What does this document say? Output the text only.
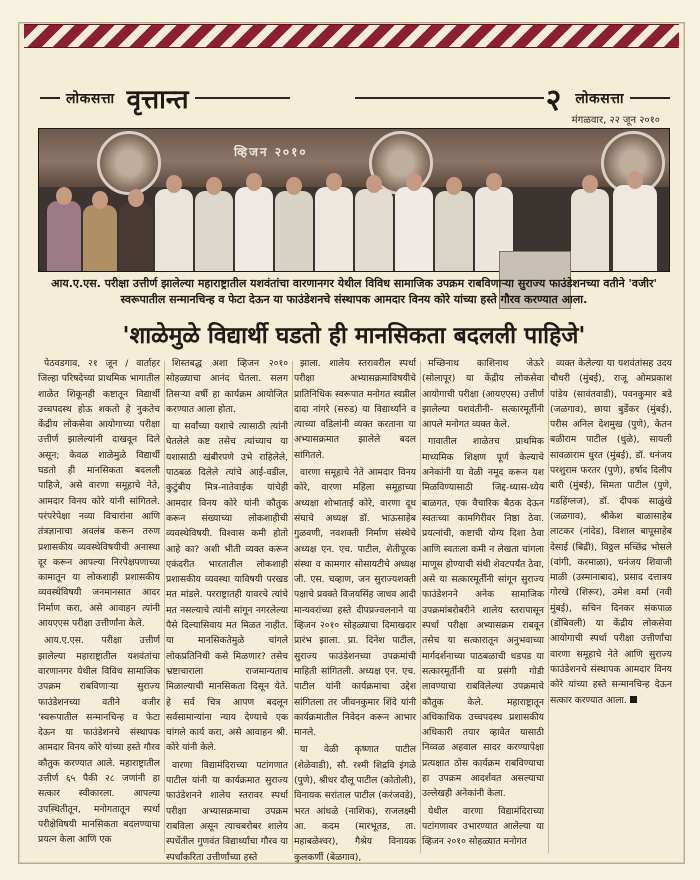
लोकसत्ता वृत्तान्त	२	लोकसत्ता
मंगळवार, २२ जून २०१०
व्हिजन २०१०
आय.ए.एस. परीक्षा उत्तीर्ण झालेल्या महाराष्ट्रातील यशवंतांचा वारणानगर येथील विविध सामाजिक उपक्रम राबविणाऱ्या सुराज्य फाउंडेशनच्या वतीने 'वजीर' स्वरूपातील सन्मानचिन्ह व फेटा देऊन या फाउंडेशनचे संस्थापक आमदार विनय कोरे यांच्या हस्ते गौरव करण्यात आला.
'शाळेमुळे विद्यार्थी घडतो ही मानसिकता बदलली पाहिजे'

पेठवडगाव, २१ जून / वार्ताहर जिल्हा परिषदेच्या प्राथमिक भागातील शाळेत शिकूनही कष्टातून विद्यार्थी उच्चपदस्थ होऊ शकतो हे नुकतेच केंद्रीय लोकसेवा आयोगाच्या परीक्षा उत्तीर्ण झालेल्यांनी दाखवून दिले असून; केवळ शाळेमुळे विद्यार्थी घडतो ही मानसिकता बदलली पाहिजे, असे वारणा समूहाचे नेते, आमदार विनय कोरे यांनी सांगितले. परंपरेपेक्षा नव्या विचारांना आणि तंत्रज्ञानाचा अवलंब करून तरुण प्रशासकीय व्यवस्थेविषयीची अनास्था दूर करून आपल्या निरपेक्षपणाच्या कामातून या लोकशाही प्रशासकीय व्यवस्थेविषयी जनमानसात आदर निर्माण करा, असे आवाहन त्यांनी आयएएस परीक्षा उत्तीर्णांना केले.

आय.ए.एस. परीक्षा उत्तीर्ण झालेल्या महाराष्ट्रातील यशवंतांचा वारणानगर येथील विविध सामाजिक उपक्रम राबविणाऱ्या सुराज्य फाउंडेशनच्या वतीने वजीर 'स्वरूपातील सन्मानचिन्ह व फेटा देऊन या फाउंडेशनचे संस्थापक आमदार विनय कोरे यांच्या हस्ते गौरव कौतुक करण्यात आले. महाराष्ट्रातील उत्तीर्ण ६५ पैकी २८ जणांनी हा सत्कार स्वीकारला. आपल्या उपस्थितीतून, मनोगतातून स्पर्धा परीक्षेविषयी मानसिकता बदलण्याचा प्रयत्न केला आणि एक

शिस्तबद्ध अशा व्हिजन २०१० सोहळ्याचा आनंद घेतला. सलग तिसऱ्या वर्षी हा कार्यक्रम आयोजित करण्यात आला होता.

या सर्वांच्या यशाचे त्यासाठी त्यांनी घेतलेले कष्ट तसेच त्यांच्याच या यशासाठी खंबीरपणे उभे राहिलेले, पाठबळ दिलेले त्यांचे आई-वडील, कुटुंबीय मित्र-नातेवाईक यांचेही आमदार विनय कोरे यांनी कौतुक करून संख्याच्या लोकशाहीची व्यवस्थेविषयी. विश्वास कमी होतो आहे का? अशी भीती व्यक्त करून एकंदरीत भारतातील लोकशाही प्रशासकीय व्यवस्था याविषयी परखड मत मांडले. परराष्ट्रातही यावरचे त्यांचे मत नसल्याचे त्यांनी सांगून नगरलेल्या पैसे दिल्यासिवाय मत मिळत नाहीत. या मानसिकतेमुळे चांगले लोकप्रतिनिधी कसे मिळणार? तसेच भ्रष्टाचाराला राजमान्यताच मिळाल्याची मानसिकता दिसून येते. हे सर्व चित्र आपण बदलून सर्वसामान्यांना न्याय देण्याचे एक चांगले कार्य करा, असे आवाहन श्री. कोरे यांनी केले.

वारणा विद्यामंदिराच्या पटांगणात पाटील यांनी या कार्यक्रमात सुराज्य फाउंडेशनने शालेय स्तरावर स्पर्धा परीक्षा अभ्यासक्रमाचा उपक्रम राबविला असून त्याचबरोबर शालेय स्पर्धेतील गुणवंत विद्यार्थ्यांचा गौरव या स्पर्धांकरिता उत्तीर्णांच्या हस्ते

झाला. शालेय स्तरावरील स्पर्धा परीक्षा अभ्यासक्रमाविषयीचे प्रातिनिधिक स्वरूपात मनोगत स्वप्नील दादा नांगरे (सरुड) या विद्यार्थ्यांने व त्याच्या वडिलांनी व्यक्त करताना या अभ्यासक्रमात झालेले बदल सांगितले.

वारणा समूहाचे नेते आमदार विनय कोरे, वारणा महिला समूहाच्या अध्यक्षा शोभाताई कोरे, वारणा दूध संघाचे अध्यक्ष डॉ. भाऊसाहेब गुळवणी, नवशक्ती निर्माण संस्थेचे अध्यक्ष एन. एच. पाटील, शेतीपूरक संस्था व कामगार सोसायटीचे अध्यक्ष जी. एस. चव्हाण, जन सुराज्यशक्ती पक्षाचे प्रवक्ते विजयसिंह जाधव आदी मान्यवरांच्या हस्ते दीपप्रज्वलनाने या व्हिजन २०१० सोहळ्याचा दिमाखदार प्रारंभ झाला. प्रा. दिनेश पाटील, सुराज्य फाउंडेशनच्या उपक्रमांची माहिती सांगितली. अध्यक्ष एन. एच. पाटील यांनी कार्यक्रमाचा उद्देश सांगितला तर जीवनकुमार शिंदे यांनी कार्यक्रमातील निवेदन करून आभार मानले.

या वेळी कृष्णात पाटील (शेळेवाडी), सौ. रश्मी शिद्रवि इंगळे (पुणे), श्रीधर दौलू पाटील (कोतोली), विनायक सरांताल पाटील (करंजवडे), भरत आंधळे (नाशिक), राजलक्ष्मी आ. कदम (मारभूतड, ता. महाबळेश्वर), गैश्रेय विनायक कुलकर्णी (बेळगाव),

मच्छिनाथ काशिनाथ जेऊरे (सोलापूर) या केंद्रीय लोकसेवा आयोगाची परीक्षा (आयएएस) उत्तीर्ण झालेल्या यशवंतीनी- सत्कारमूर्तीनी आपले मनोगत व्यक्त केले.

गावातील शाळेतच प्राथमिक माध्यमिक शिक्षण पूर्ण केल्याचे अनेकांनी या वेळी नमूद करून यश मिळविण्यासाठी जिद्द-ध्यास-ध्येय बाळगत, एक वैचारिक बैठक देऊन स्वतःच्या कामगिरीवर निष्ठा ठेवा. प्रयत्नांची, कष्टाची योग्य दिशा ठेवा आणि स्वतःला कमी न लेखता चांगला माणूस होण्याची संधी शेवटपर्यंत ठेवा, असे या सत्कारमूर्तीनी सांगून सुराज्य फाउंडेशनने अनेक सामाजिक उपक्रमांबरोबरीने शालेय स्तरापासून स्पर्धा परीक्षा अभ्यासक्रम राबवून तसेच या सत्कारातून अनुभवाच्या मार्गदर्शनाच्या पाठबळाची धडपड या सत्कारमूर्तीनी या प्रसंगी गोडी लावण्याचा राबविलेल्या उपक्रमाचे कौतुक केले. महाराष्ट्रातून अधिकाधिक उच्चपदस्थ प्रशासकीय अधिकारी तयार व्हावेत यासाठी निव्वळ अहवाल सादर करण्यापेक्षा प्रत्यक्षात ठोस कार्यक्रम राबविण्याचा हा उपक्रम आदर्शवत असल्याचा उल्लेखही अनेकांनी केला.

येथील वारणा विद्यामंदिराच्या पटांगणावर उभारण्यात आलेल्या या व्हिजन २०१० सोहळ्यात मनोगत

व्यक्त केलेल्या या यशवंतांसह उदय चौधरी (मुंबई), राजू ओमप्रकाश पांडेय (सावंतवाडी), पवनकुमार बडे (जळगाव), छाया बुर्डेकर (मुंबई), परीस अनिल देशमुख (पुणे), केतन बळीराम पाटील (धुळे), सायली सावळाराम धुरत (मुंबई), डॉ. धनंजय परशुराम फरतर (पुणे), हर्षाद दिलीप बारी (मुंबई), सिमता पाटील (पुणे, गडहिंग्लज), डॉ. दीपक साळुंखे (जळगाव), श्रीकेश बाळासाहेब लाटकर (नांदेड), विशाल बापूसाहेब देसाई (बिद्री), विठ्ठल मच्छिंद्र भोसले (वांगी, करमाळा), धनंजय शिवाजी माळी (उस्मानाबाद), प्रसाद दत्तात्रय गोरखे (शिरूर), उमेश वर्मा (नवी मुंबई), सचिन दिनकर संकपाळ (डोंबिवली) या केंद्रीय लोकसेवा आयोगाची स्पर्धा परीक्षा उत्तीर्णांचा वारणा समूहाचे नेते आणि सुराज्य फाउंडेशनचे संस्थापक आमदार विनय कोरे यांच्या हस्ते सन्मानचिन्ह देऊन सत्कार करण्यात आला.
